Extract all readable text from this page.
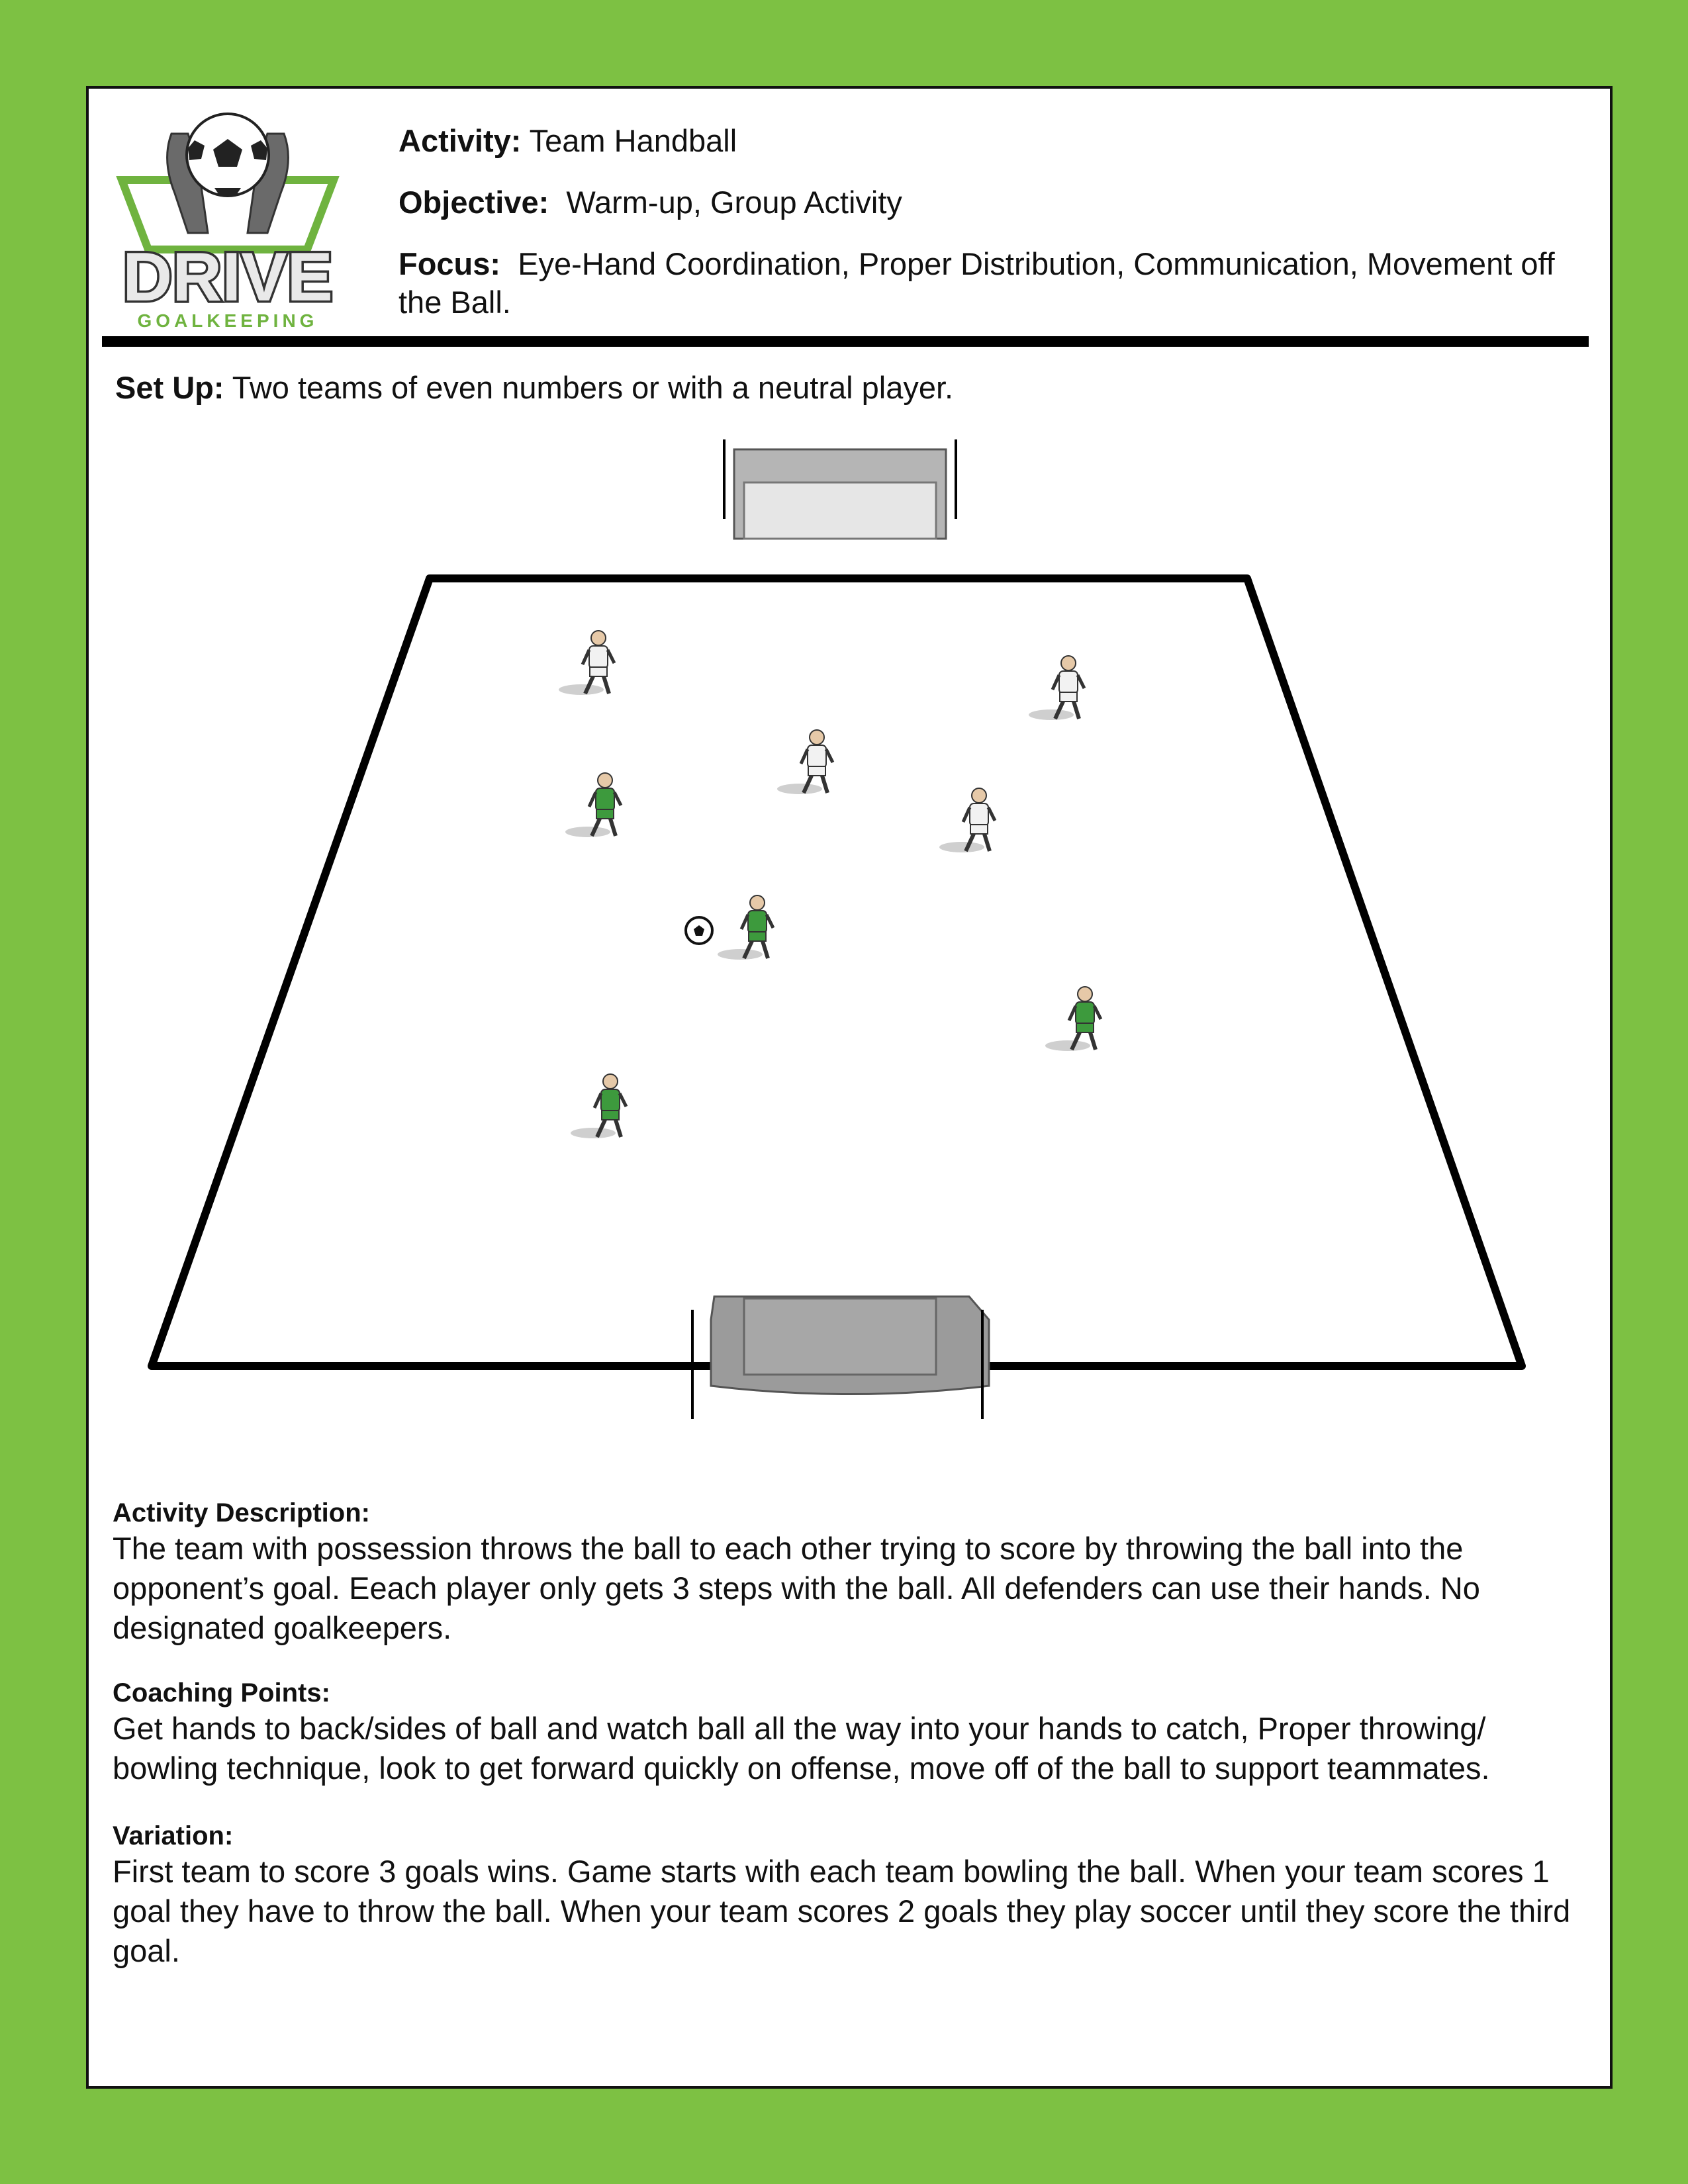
DRIVE
GOALKEEPING
Activity: Team Handball
Objective: Warm-up, Group Activity
Focus: Eye-Hand Coordination, Proper Distribution, Communication, Movement off the Ball.
Set Up: Two teams of even numbers or with a neutral player.
Activity Description:

The team with possession throws the ball to each other trying to score by throwing the ball into the opponent’s goal. Eeach player only gets 3 steps with the ball. All defenders can use their hands. No designated goalkeepers.

Coaching Points:

Get hands to back/sides of ball and watch ball all the way into your hands to catch, Proper throwing/ bowling technique, look to get forward quickly on offense, move off of the ball to support teammates.

Variation:

First team to score 3 goals wins. Game starts with each team bowling the ball. When your team scores 1 goal they have to throw the ball. When your team scores 2 goals they play soccer until they score the third goal.
